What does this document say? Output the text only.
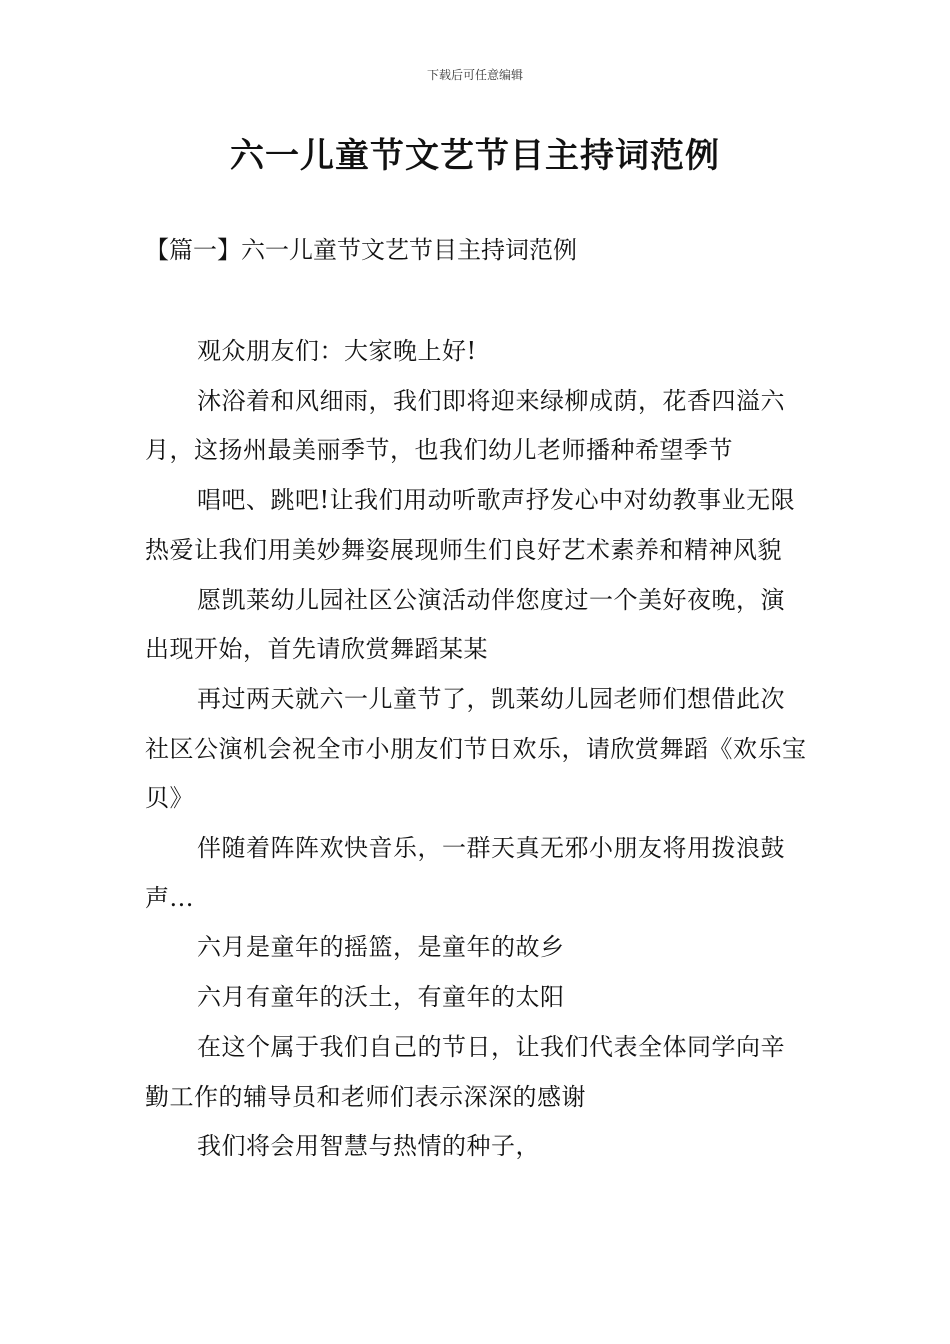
下载后可任意编辑
六一儿童节文艺节目主持词范例
【篇一】六一儿童节文艺节目主持词范例

观众朋友们：大家晚上好!

沐浴着和风细雨，我们即将迎来绿柳成荫，花香四溢六月，这扬州最美丽季节，也我们幼儿老师播种希望季节

唱吧、跳吧!让我们用动听歌声抒发心中对幼教事业无限热爱让我们用美妙舞姿展现师生们良好艺术素养和精神风貌

愿凯莱幼儿园社区公演活动伴您度过一个美好夜晚，演出现开始，首先请欣赏舞蹈某某

再过两天就六一儿童节了，凯莱幼儿园老师们想借此次社区公演机会祝全市小朋友们节日欢乐，请欣赏舞蹈《欢乐宝贝》

伴随着阵阵欢快音乐，一群天真无邪小朋友将用拨浪鼓声...

六月是童年的摇篮，是童年的故乡

六月有童年的沃土，有童年的太阳

在这个属于我们自己的节日，让我们代表全体同学向辛勤工作的辅导员和老师们表示深深的感谢

我们将会用智慧与热情的种子，
